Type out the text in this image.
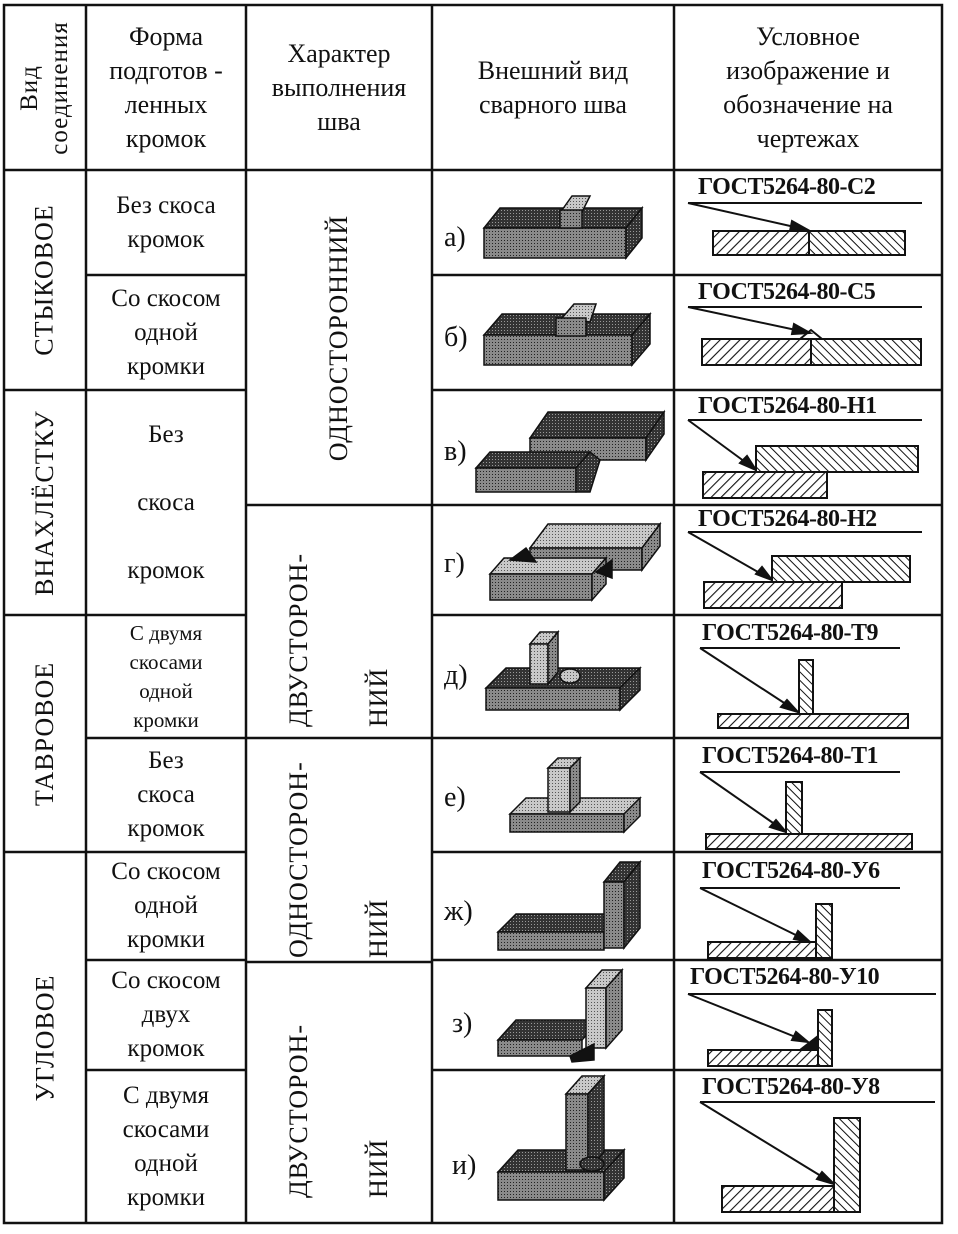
Вид соединения	Форма подготов - ленных кромок
Характер выполнения шва
Внешний вид сварного шва
Условное изображение и обозначение на чертежах
СТЫКОВОЕ
ВНАХЛЁСТКУ
ТАВРОВОЕ
УГЛОВОЕ
Без скоса кромок
Со скосом одной кромки
Без скоса кромок
С двумя скосами одной кромки
Без скоса кромок
Со скосом одной кромки
Со скосом двух кромок
С двумя скосами одной кромки
ОДНОСТОРОННИЙ
ДВУСТОРОН-НИЙ
ОДНОСТОРОН-НИЙ
ДВУСТОРОН-НИЙ
а)
б)
в)
г)
д)
е)
ж)
з)
и)
ГОСТ5264-80-С2
ГОСТ5264-80-С5
ГОСТ5264-80-Н1
ГОСТ5264-80-Н2
ГОСТ5264-80-Т9
ГОСТ5264-80-Т1
ГОСТ5264-80-У6
ГОСТ5264-80-У10
ГОСТ5264-80-У8
